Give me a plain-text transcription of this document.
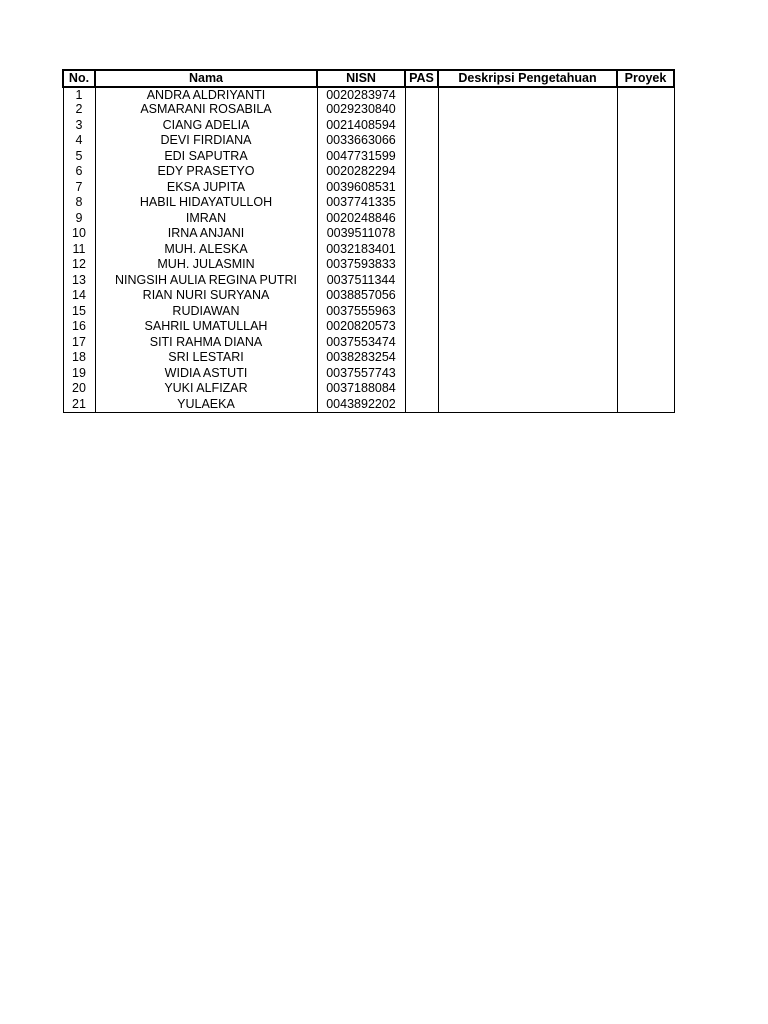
No.	Nama	NISN	PAS	Deskripsi Pengetahuan	Proyek
1	ANDRA ALDRIYANTI	0020283974			
2	ASMARANI ROSABILA	0029230840			
3	CIANG ADELIA	0021408594			
4	DEVI FIRDIANA	0033663066			
5	EDI SAPUTRA	0047731599			
6	EDY PRASETYO	0020282294			
7	EKSA JUPITA	0039608531			
8	HABIL HIDAYATULLOH	0037741335			
9	IMRAN	0020248846			
10	IRNA ANJANI	0039511078			
11	MUH. ALESKA	0032183401			
12	MUH. JULASMIN	0037593833			
13	NINGSIH AULIA REGINA PUTRI	0037511344			
14	RIAN NURI SURYANA	0038857056			
15	RUDIAWAN	0037555963			
16	SAHRIL UMATULLAH	0020820573			
17	SITI RAHMA DIANA	0037553474			
18	SRI LESTARI	0038283254			
19	WIDIA ASTUTI	0037557743			
20	YUKI ALFIZAR	0037188084			
21	YULAEKA	0043892202			
